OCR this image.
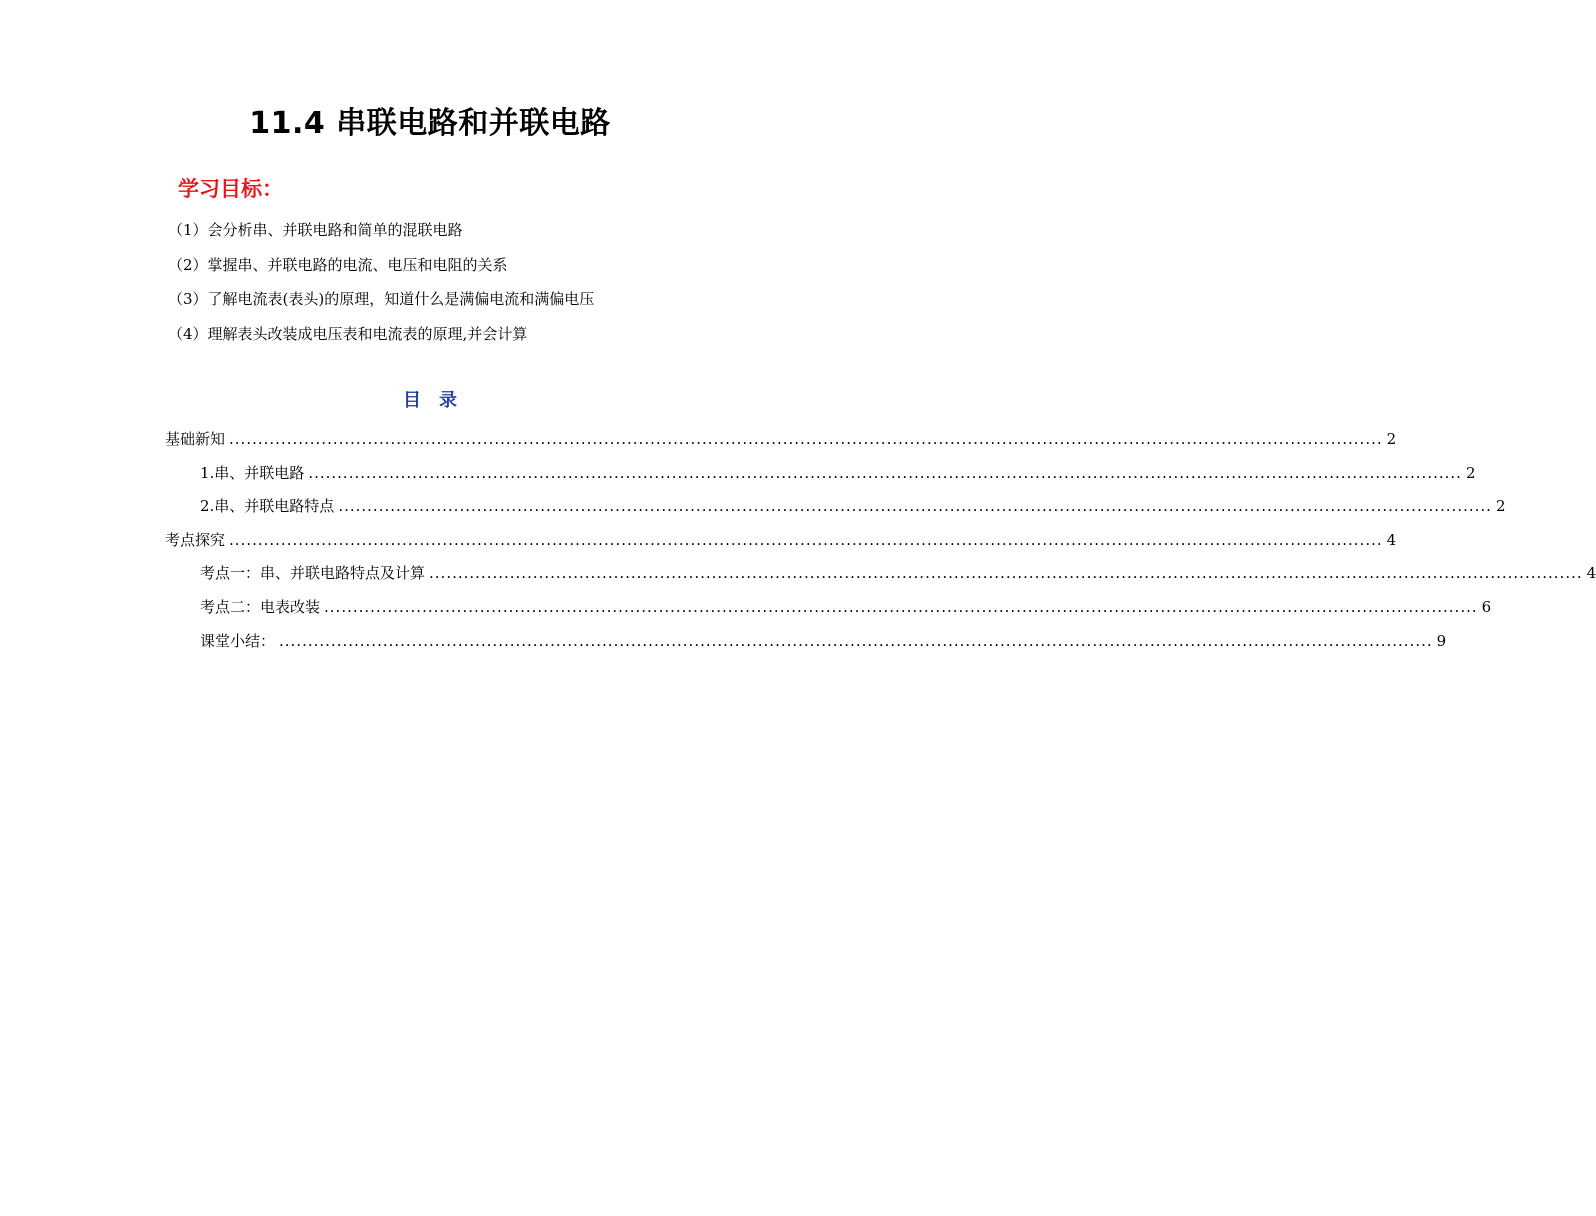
11.4 串联电路和并联电路
学习目标：
（1）会分析串、并联电路和简单的混联电路
（2）掌握串、并联电路的电流、电压和电阻的关系
（3）了解电流表(表头)的原理，知道什么是满偏电流和满偏电压
（4）理解表头改装成电压表和电流表的原理,并会计算
目录
基础新知 ........................................................................................................................................................................................................ 2
1.串、并联电路 ........................................................................................................................................................................................................ 2
2.串、并联电路特点 ........................................................................................................................................................................................................ 2
考点探究 ........................................................................................................................................................................................................ 4
考点一：串、并联电路特点及计算 ........................................................................................................................................................................................................ 4
考点二：电表改装 ........................................................................................................................................................................................................ 6
课堂小结： ........................................................................................................................................................................................................ 9
